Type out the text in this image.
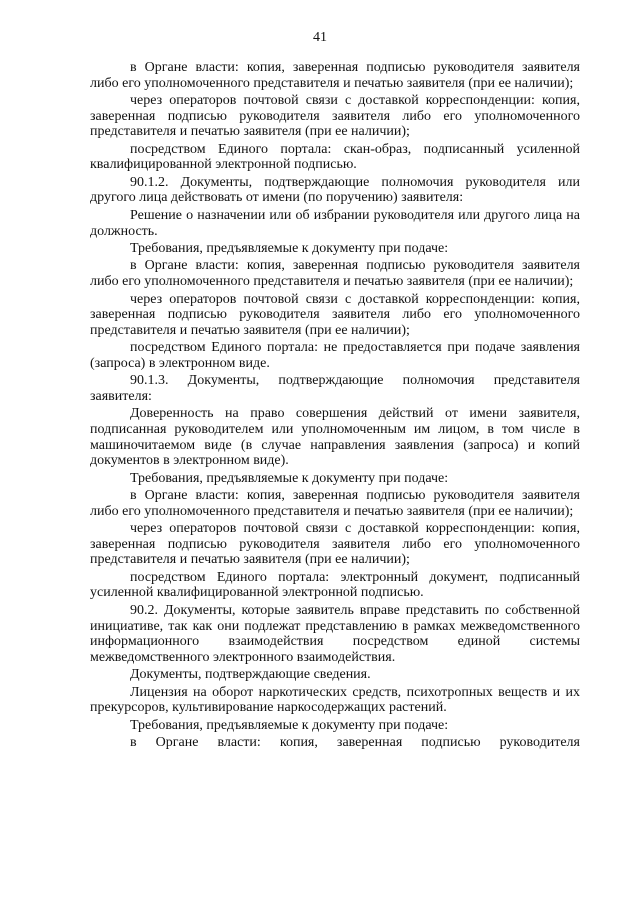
41

в Органе власти: копия, заверенная подписью руководителя заявителя либо его уполномоченного представителя и печатью заявителя (при ее наличии);

через операторов почтовой связи с доставкой корреспонденции: копия, заверенная подписью руководителя заявителя либо его уполномоченного представителя и печатью заявителя (при ее наличии);

посредством Единого портала: скан-образ, подписанный усиленной квалифицированной электронной подписью.

90.1.2. Документы, подтверждающие полномочия руководителя или другого лица действовать от имени (по поручению) заявителя:

Решение о назначении или об избрании руководителя или другого лица на должность.

Требования, предъявляемые к документу при подаче:

в Органе власти: копия, заверенная подписью руководителя заявителя либо его уполномоченного представителя и печатью заявителя (при ее наличии);

через операторов почтовой связи с доставкой корреспонденции: копия, заверенная подписью руководителя заявителя либо его уполномоченного представителя и печатью заявителя (при ее наличии);

посредством Единого портала: не предоставляется при подаче заявления (запроса) в электронном виде.

90.1.3. Документы, подтверждающие полномочия представителя заявителя:

Доверенность на право совершения действий от имени заявителя, подписанная руководителем или уполномоченным им лицом, в том числе в машиночитаемом виде (в случае направления заявления (запроса) и копий документов в электронном виде).

Требования, предъявляемые к документу при подаче:

в Органе власти: копия, заверенная подписью руководителя заявителя либо его уполномоченного представителя и печатью заявителя (при ее наличии);

через операторов почтовой связи с доставкой корреспонденции: копия, заверенная подписью руководителя заявителя либо его уполномоченного представителя и печатью заявителя (при ее наличии);

посредством Единого портала: электронный документ, подписанный усиленной квалифицированной электронной подписью.

90.2. Документы, которые заявитель вправе представить по собственной инициативе, так как они подлежат представлению в рамках межведомственного информационного взаимодействия посредством единой системы межведомственного электронного взаимодействия.

Документы, подтверждающие сведения.

Лицензия на оборот наркотических средств, психотропных веществ и их прекурсоров, культивирование наркосодержащих растений.

Требования, предъявляемые к документу при подаче:

в Органе власти: копия, заверенная подписью руководителя
